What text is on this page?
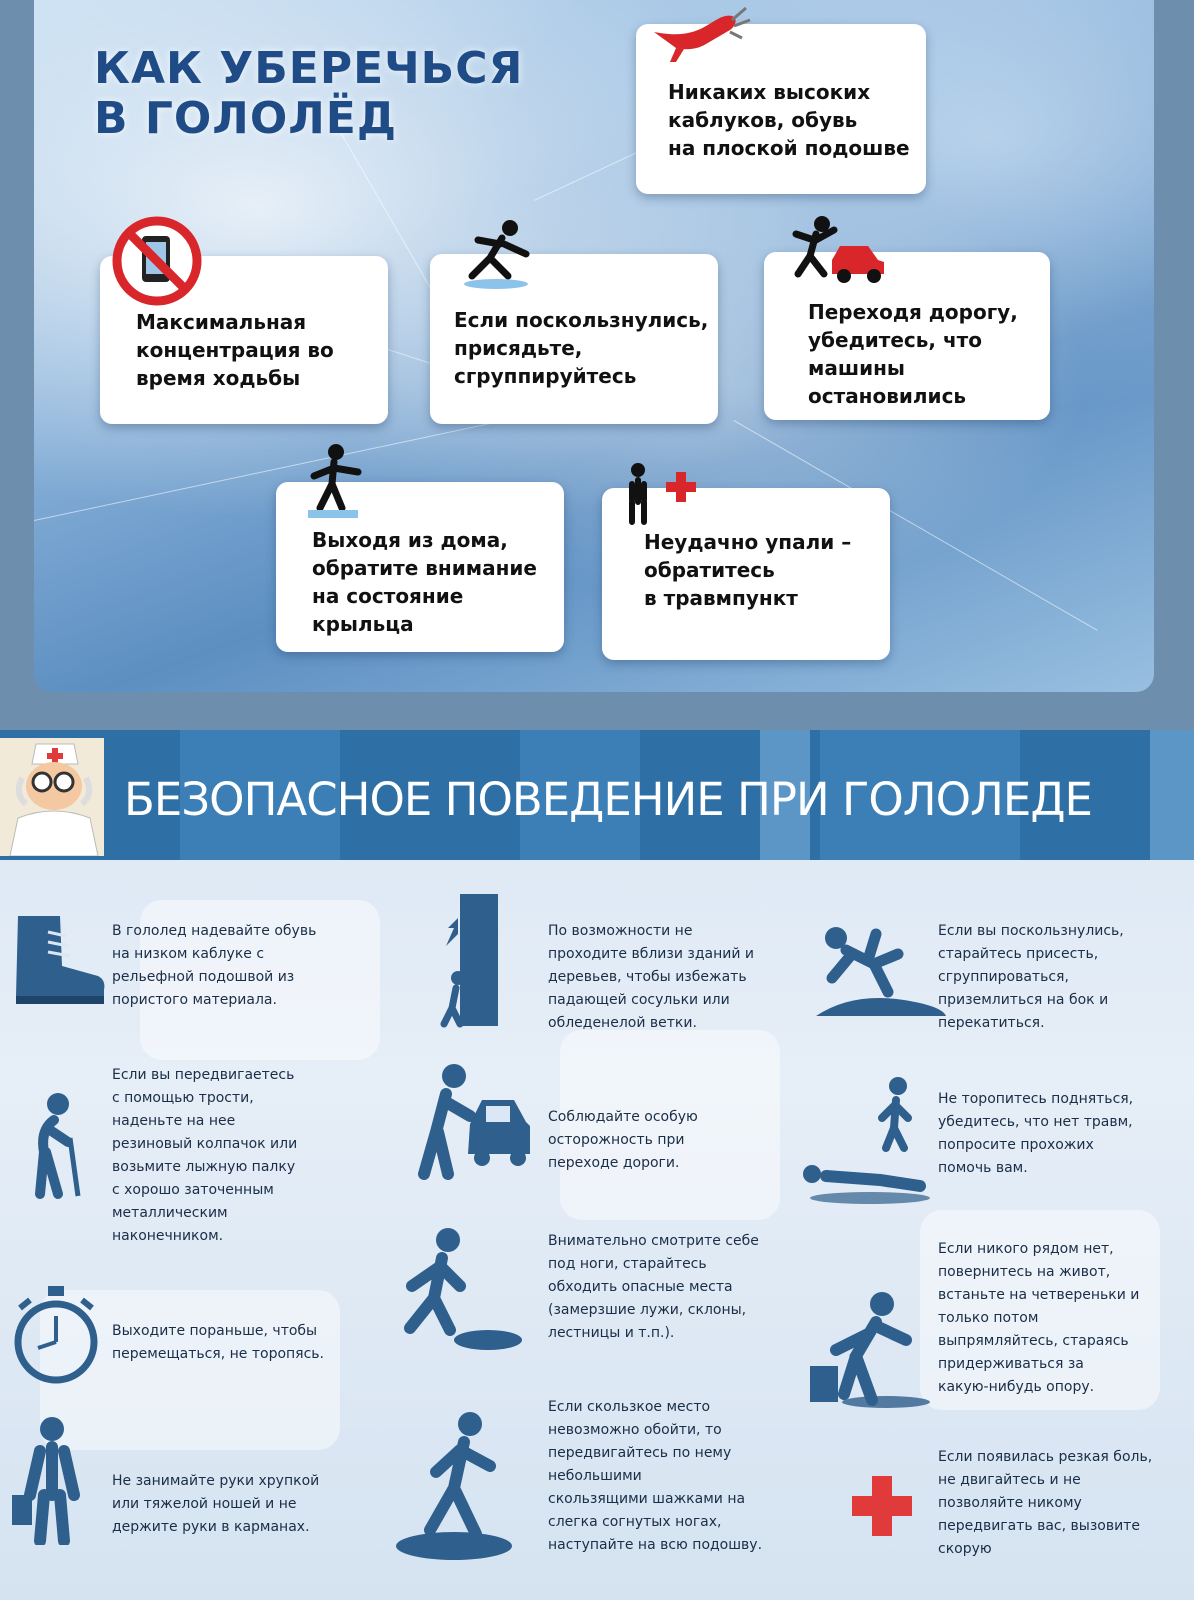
КАК УБЕРЕЧЬСЯ
В ГОЛОЛЁД
Никаких высоких
каблуков, обувь
на плоской подошве
Максимальная
концентрация во
время ходьбы
Если поскользнулись,
присядьте,
сгруппируйтесь
Переходя дорогу,
убедитесь, что
машины
остановились
Выходя из дома,
обратите внимание
на состояние
крыльца
Неудачно упали –
обратитесь
в травмпункт
БЕЗОПАСНОЕ ПОВЕДЕНИЕ ПРИ ГОЛОЛЕДЕ
В гололед надевайте обувь
на низком каблуке с
рельефной подошвой из
пористого материала.
Если вы передвигаетесь
с помощью трости,
наденьте на нее
резиновый колпачок или
возьмите лыжную палку
с хорошо заточенным
металлическим
наконечником.
Выходите пораньше, чтобы
перемещаться, не торопясь.
Не занимайте руки хрупкой
или тяжелой ношей и не
держите руки в карманах.
По возможности не
проходите вблизи зданий и
деревьев, чтобы избежать
падающей сосульки или
обледенелой ветки.
Соблюдайте особую
осторожность при
переходе дороги.
Внимательно смотрите себе
под ноги, старайтесь
обходить опасные места
(замерзшие лужи, склоны,
лестницы и т.п.).
Если скользкое место
невозможно обойти, то
передвигайтесь по нему
небольшими
скользящими шажками на
слегка согнутых ногах,
наступайте на всю подошву.
Если вы поскользнулись,
старайтесь присесть,
сгруппироваться,
приземлиться на бок и
перекатиться.
Не торопитесь подняться,
убедитесь, что нет травм,
попросите прохожих
помочь вам.
Если никого рядом нет,
повернитесь на живот,
встаньте на четвереньки и
только потом
выпрямляйтесь, стараясь
придерживаться за
какую-нибудь опору.
Если появилась резкая боль,
не двигайтесь и не
позволяйте никому
передвигать вас, вызовите
скорую
